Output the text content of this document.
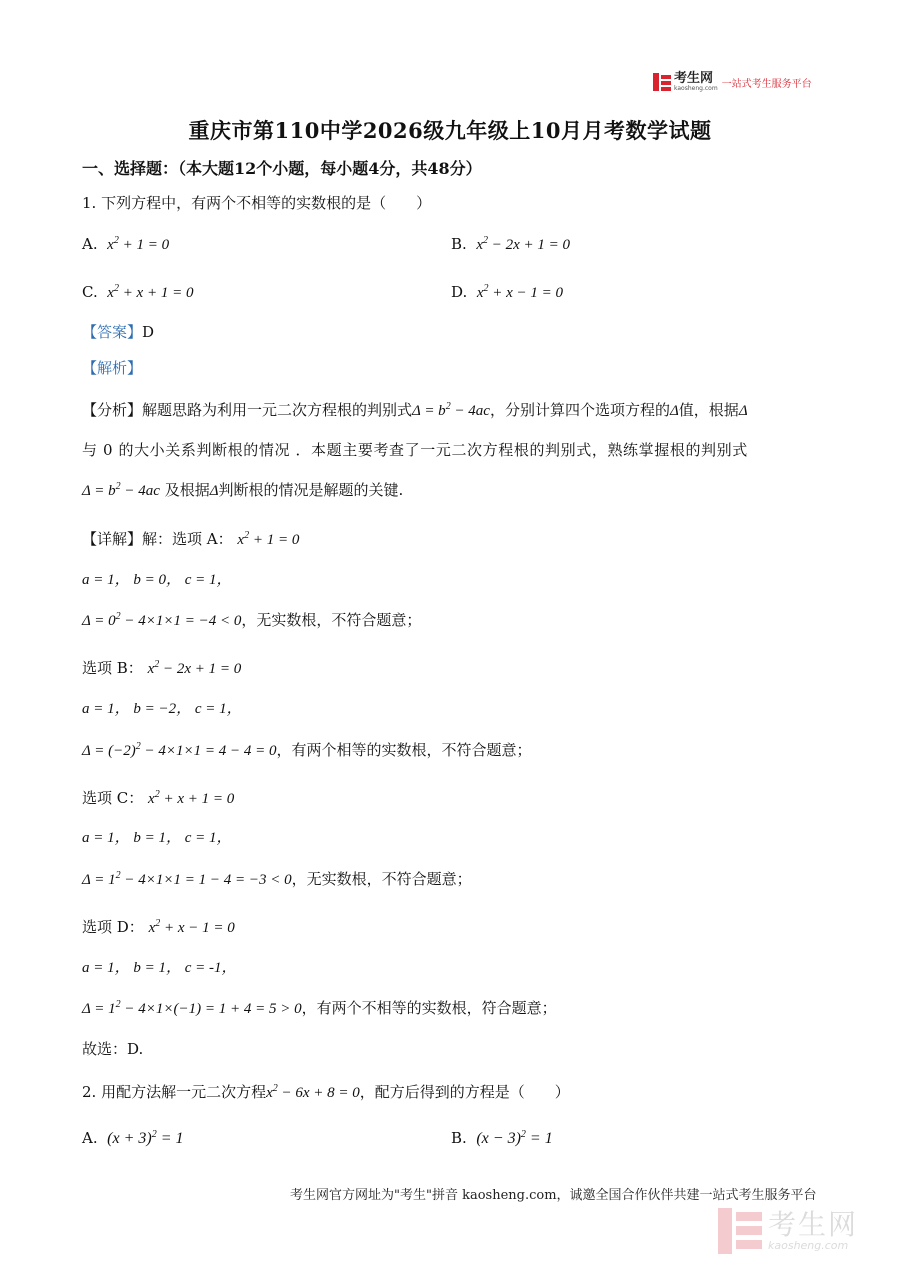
考生网
kaosheng.com 一站式考生服务平台
重庆市第110中学2026级九年级上10月月考数学试题
一、选择题：（本大题12个小题，每小题4分，共48分）
1. 下列方程中，有两个不相等的实数根的是（　　）
A. $x^2 + 1 = 0$	B. $x^2 - 2x + 1 = 0$
C. $x^2 + x + 1 = 0$	D. $x^2 + x - 1 = 0$
【答案】D
【解析】
【分析】解题思路为利用一元二次方程根的判别式$\Delta = b^2 - 4ac$，分别计算四个选项方程的Δ值，根据Δ
与 0 的大小关系判断根的情况 ．本题主要考查了一元二次方程根的判别式，熟练掌握根的判别式
$\Delta = b^2 - 4ac$ 及根据Δ判断根的情况是解题的关键.
【详解】解：选项 A： $x^2 + 1 = 0$
a = 1， b = 0， c = 1，
$\Delta = 0^2 - 4\times 1\times 1 = -4 < 0$，无实数根，不符合题意；
选项 B： $x^2 - 2x + 1 = 0$
a = 1， b = −2， c = 1，
$\Delta = (-2)^2 - 4\times 1\times 1 = 4 - 4 = 0$，有两个相等的实数根，不符合题意；
选项 C： $x^2 + x + 1 = 0$
a = 1， b = 1， c = 1，
$\Delta = 1^2 - 4\times 1\times 1 = 1 - 4 = -3 < 0$，无实数根，不符合题意；
选项 D： $x^2 + x - 1 = 0$
a = 1， b = 1， c = -1，
$\Delta = 1^2 - 4\times 1\times(-1) = 1 + 4 = 5 > 0$，有两个不相等的实数根，符合题意；
故选：D.
2. 用配方法解一元二次方程$x^2 - 6x + 8 = 0$，配方后得到的方程是（　　）
A. $(x + 3)^2 = 1$	B. $(x - 3)^2 = 1$
考生网官方网址为"考生"拼音 kaosheng.com，诚邀全国合作伙伴共建一站式考生服务平台
考生网
kaosheng.com
